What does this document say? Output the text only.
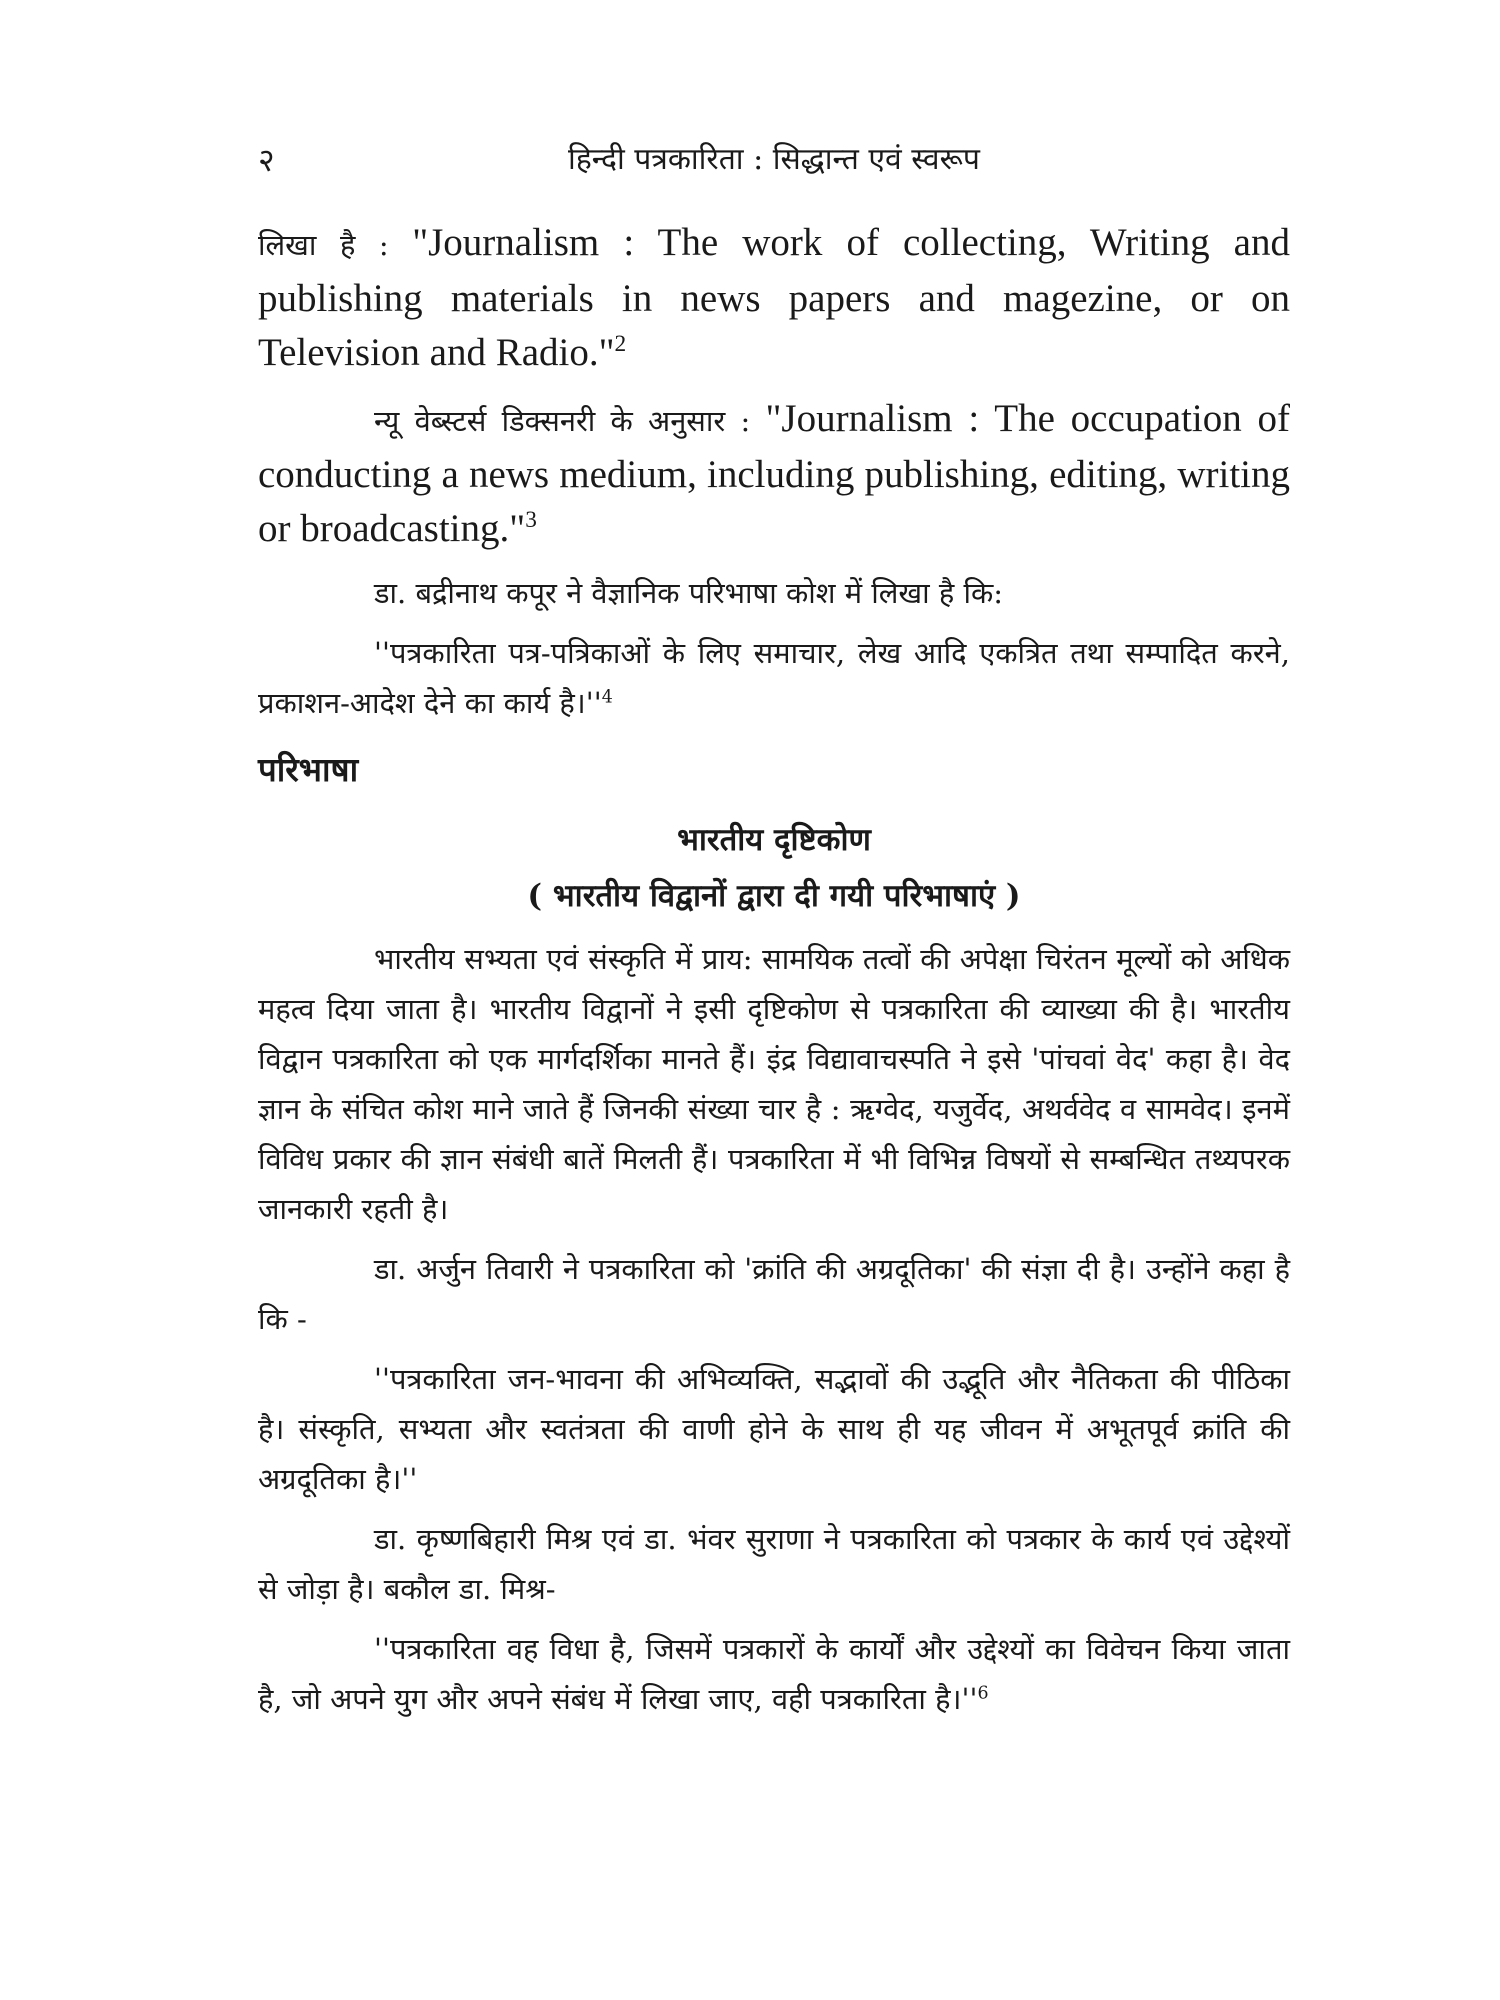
२	हिन्दी पत्रकारिता : सिद्धान्त एवं स्वरूप

लिखा है : "Journalism : The work of collecting, Writing and publishing materials in news papers and magezine, or on Television and Radio."$^2$

न्यू वेब्स्टर्स डिक्सनरी के अनुसार : "Journalism : The occupation of conducting a news medium, including publishing, editing, writing or broadcasting."$^3$

डा. बद्रीनाथ कपूर ने वैज्ञानिक परिभाषा कोश में लिखा है कि:

''पत्रकारिता पत्र-पत्रिकाओं के लिए समाचार, लेख आदि एकत्रित तथा सम्पादित करने, प्रकाशन-आदेश देने का कार्य $है।''^4$

परिभाषा
भारतीय दृष्टिकोण
( भारतीय विद्वानों द्वारा दी गयी परिभाषाएं )

भारतीय सभ्यता एवं संस्कृति में प्राय: सामयिक तत्वों की अपेक्षा चिरंतन मूल्यों को अधिक महत्व दिया जाता है। भारतीय विद्वानों ने इसी दृष्टिकोण से पत्रकारिता की व्याख्या की है। भारतीय विद्वान पत्रकारिता को एक मार्गदर्शिका मानते हैं। इंद्र विद्यावाचस्पति ने इसे 'पांचवां वेद' कहा है। वेद ज्ञान के संचित कोश माने जाते हैं जिनकी संख्या चार है : ऋग्वेद, यजुर्वेद, अथर्ववेद व सामवेद। इनमें विविध प्रकार की ज्ञान संबंधी बातें मिलती हैं। पत्रकारिता में भी विभिन्न विषयों से सम्बन्धित तथ्यपरक जानकारी रहती है।

डा. अर्जुन तिवारी ने पत्रकारिता को 'क्रांति की अग्रदूतिका' की संज्ञा दी है। उन्होंने कहा है कि -

''पत्रकारिता जन-भावना की अभिव्यक्ति, सद्भावों की उद्भूति और नैतिकता की पीठिका है। संस्कृति, सभ्यता और स्वतंत्रता की वाणी होने के साथ ही यह जीवन में अभूतपूर्व क्रांति की अग्रदूतिका है।''

डा. कृष्णबिहारी मिश्र एवं डा. भंवर सुराणा ने पत्रकारिता को पत्रकार के कार्य एवं उद्देश्यों से जोड़ा है। बकौल डा. मिश्र-

''पत्रकारिता वह विधा है, जिसमें पत्रकारों के कार्यों और उद्देश्यों का विवेचन किया जाता है, जो अपने युग और अपने संबंध में लिखा जाए, वही पत्रकारिता $है।''^6$
